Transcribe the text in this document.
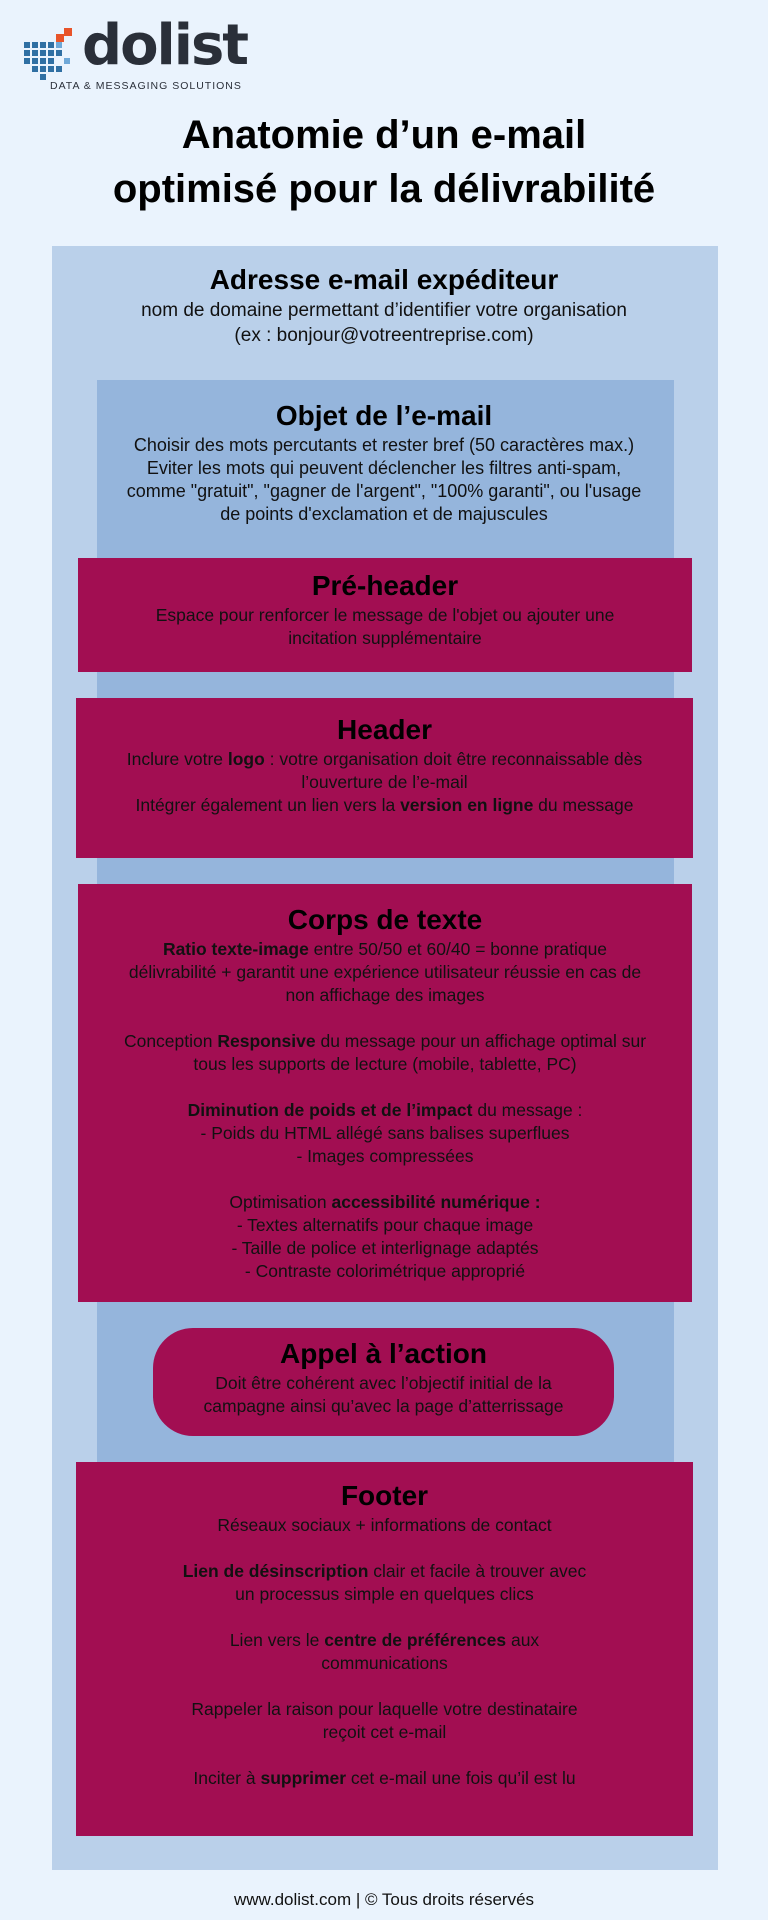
dolist
DATA & MESSAGING SOLUTIONS
Anatomie d’un e-mail
optimisé pour la délivrabilité
Adresse e-mail expéditeur
nom de domaine permettant d’identifier votre organisation
(ex : bonjour@votreentreprise.com)
Objet de l’e-mail
Choisir des mots percutants et rester bref (50 caractères max.)
Eviter les mots qui peuvent déclencher les filtres anti-spam,
comme "gratuit", "gagner de l'argent", "100% garanti", ou l'usage
de points d'exclamation et de majuscules
Pré-header
Espace pour renforcer le message de l'objet ou ajouter une
incitation supplémentaire
Header
Inclure votre logo : votre organisation doit être reconnaissable dès
l’ouverture de l’e-mail
Intégrer également un lien vers la version en ligne du message
Corps de texte
Ratio texte-image entre 50/50 et 60/40 = bonne pratique
délivrabilité + garantit une expérience utilisateur réussie en cas de
non affichage des images
Conception Responsive du message pour un affichage optimal sur
tous les supports de lecture (mobile, tablette, PC)
Diminution de poids et de l’impact du message :
- Poids du HTML allégé sans balises superflues
- Images compressées
Optimisation accessibilité numérique :
- Textes alternatifs pour chaque image
- Taille de police et interlignage adaptés
- Contraste colorimétrique approprié
Appel à l’action
Doit être cohérent avec l’objectif initial de la
campagne ainsi qu’avec la page d’atterrissage
Footer
Réseaux sociaux + informations de contact
Lien de désinscription clair et facile à trouver avec
un processus simple en quelques clics
Lien vers le centre de préférences aux
communications
Rappeler la raison pour laquelle votre destinataire
reçoit cet e-mail
Inciter à supprimer cet e-mail une fois qu’il est lu
www.dolist.com | © Tous droits réservés
